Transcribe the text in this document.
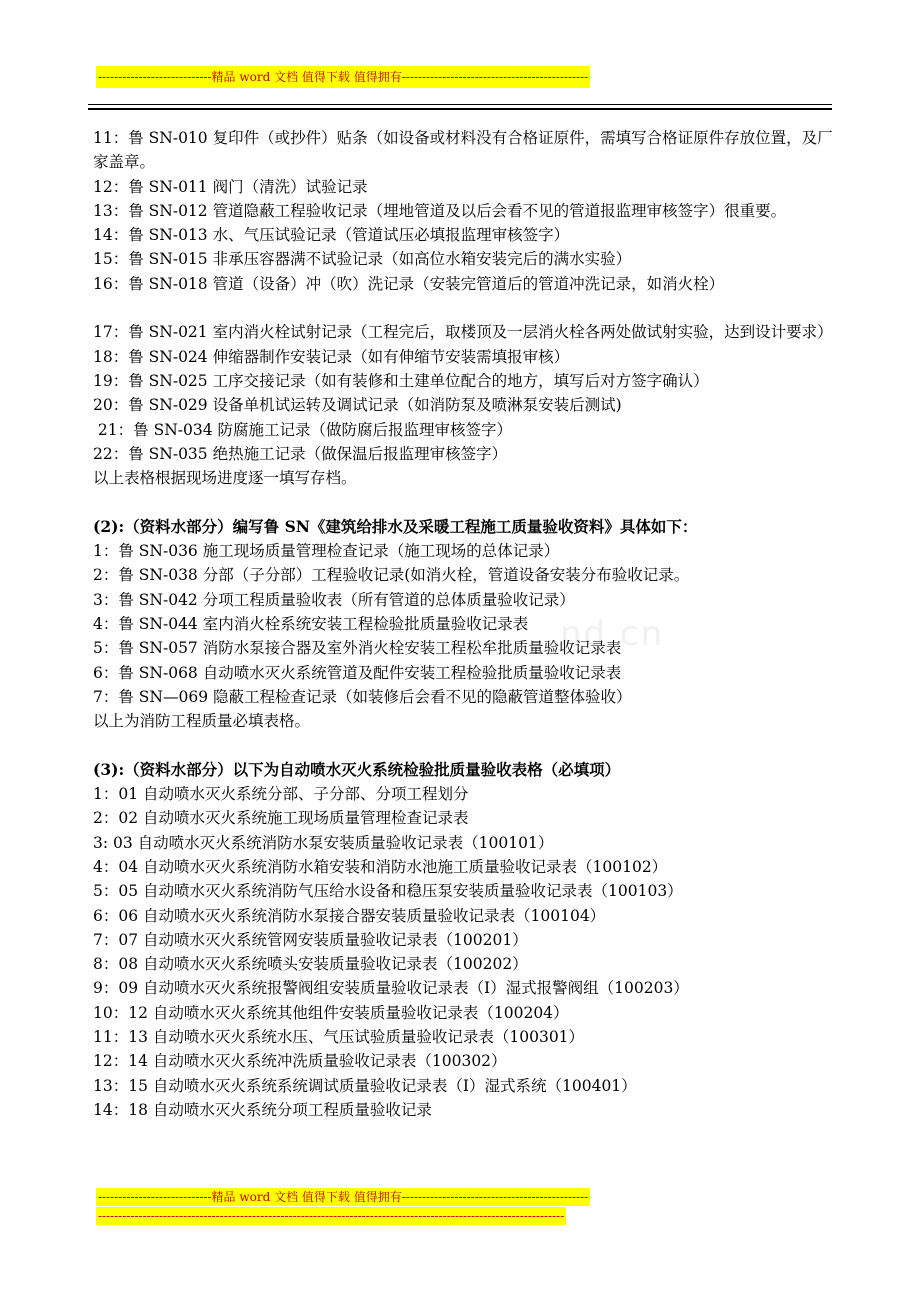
----------------------------精品 word 文档 值得下载 值得拥有----------------------------------------------
nd.cn
11：鲁 SN-010 复印件（或抄件）贴条（如设备或材料没有合格证原件，需填写合格证原件存放位置，及厂家盖章。
12：鲁 SN-011 阀门（清洗）试验记录
13：鲁 SN-012 管道隐蔽工程验收记录（埋地管道及以后会看不见的管道报监理审核签字）很重要。
14：鲁 SN-013 水、气压试验记录（管道试压必填报监理审核签字）
15：鲁 SN-015 非承压容器满不试验记录（如高位水箱安装完后的满水实验）
16：鲁 SN-018 管道（设备）冲（吹）洗记录（安装完管道后的管道冲洗记录，如消火栓）
17：鲁 SN-021 室内消火栓试射记录（工程完后，取楼顶及一层消火栓各两处做试射实验，达到设计要求）
18：鲁 SN-024 伸缩器制作安装记录（如有伸缩节安装需填报审核）
19：鲁 SN-025 工序交接记录（如有装修和土建单位配合的地方，填写后对方签字确认）
20：鲁 SN-029 设备单机试运转及调试记录（如消防泵及喷淋泵安装后测试)
21：鲁 SN-034 防腐施工记录（做防腐后报监理审核签字）
22：鲁 SN-035 绝热施工记录（做保温后报监理审核签字）
以上表格根据现场进度逐一填写存档。
(2):（资料水部分）编写鲁 SN《建筑给排水及采暖工程施工质量验收资料》具体如下：
1：鲁 SN-036 施工现场质量管理检查记录（施工现场的总体记录）
2：鲁 SN-038 分部（子分部）工程验收记录(如消火栓，管道设备安装分布验收记录。
3：鲁 SN-042 分项工程质量验收表（所有管道的总体质量验收记录）
4：鲁 SN-044 室内消火栓系统安装工程检验批质量验收记录表
5：鲁 SN-057 消防水泵接合器及室外消火栓安装工程松牟批质量验收记录表
6：鲁 SN-068 自动喷水灭火系统管道及配件安装工程检验批质量验收记录表
7：鲁 SN—069 隐蔽工程检查记录（如装修后会看不见的隐蔽管道整体验收）
以上为消防工程质量必填表格。
(3):（资料水部分）以下为自动喷水灭火系统检验批质量验收表格（必填项）
1：01 自动喷水灭火系统分部、子分部、分项工程划分
2：02 自动喷水灭火系统施工现场质量管理检查记录表
3: 03 自动喷水灭火系统消防水泵安装质量验收记录表（100101）
4：04 自动喷水灭火系统消防水箱安装和消防水池施工质量验收记录表（100102）
5：05 自动喷水灭火系统消防气压给水设备和稳压泵安装质量验收记录表（100103）
6：06 自动喷水灭火系统消防水泵接合器安装质量验收记录表（100104）
7：07 自动喷水灭火系统管网安装质量验收记录表（100201）
8：08 自动喷水灭火系统喷头安装质量验收记录表（100202）
9：09 自动喷水灭火系统报警阀组安装质量验收记录表（Ⅰ）湿式报警阀组（100203）
10：12 自动喷水灭火系统其他组件安装质量验收记录表（100204）
11：13 自动喷水灭火系统水压、气压试验质量验收记录表（100301）
12：14 自动喷水灭火系统冲洗质量验收记录表（100302）
13：15 自动喷水灭火系统系统调试质量验收记录表（Ⅰ）湿式系统（100401）
14：18 自动喷水灭火系统分项工程质量验收记录
----------------------------精品 word 文档 值得下载 值得拥有----------------------------------------------
-------------------------------------------------------------------------------------------------------------------
